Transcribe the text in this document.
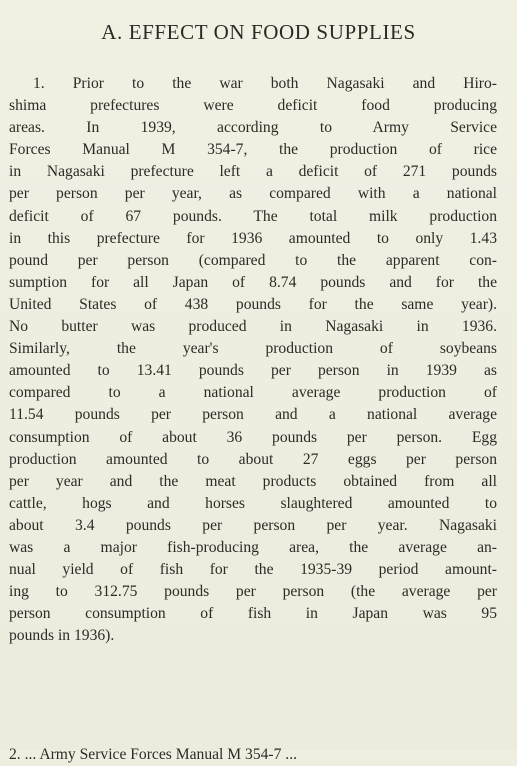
A. EFFECT ON FOOD SUPPLIES
1. Prior to the war both Nagasaki and Hiro-
shima prefectures were deficit food producing
areas. In 1939, according to Army Service
Forces Manual M 354-7, the production of rice
in Nagasaki prefecture left a deficit of 271 pounds
per person per year, as compared with a national
deficit of 67 pounds. The total milk production
in this prefecture for 1936 amounted to only 1.43
pound per person (compared to the apparent con-
sumption for all Japan of 8.74 pounds and for the
United States of 438 pounds for the same year).
No butter was produced in Nagasaki in 1936.
Similarly, the year's production of soybeans
amounted to 13.41 pounds per person in 1939 as
compared to a national average production of
11.54 pounds per person and a national average
consumption of about 36 pounds per person. Egg
production amounted to about 27 eggs per person
per year and the meat products obtained from all
cattle, hogs and horses slaughtered amounted to
about 3.4 pounds per person per year. Nagasaki
was a major fish-producing area, the average an-
nual yield of fish for the 1935-39 period amount-
ing to 312.75 pounds per person (the average per
person consumption of fish in Japan was 95
pounds in 1936).
2. ... Army Service Forces Manual M 354-7 ...
